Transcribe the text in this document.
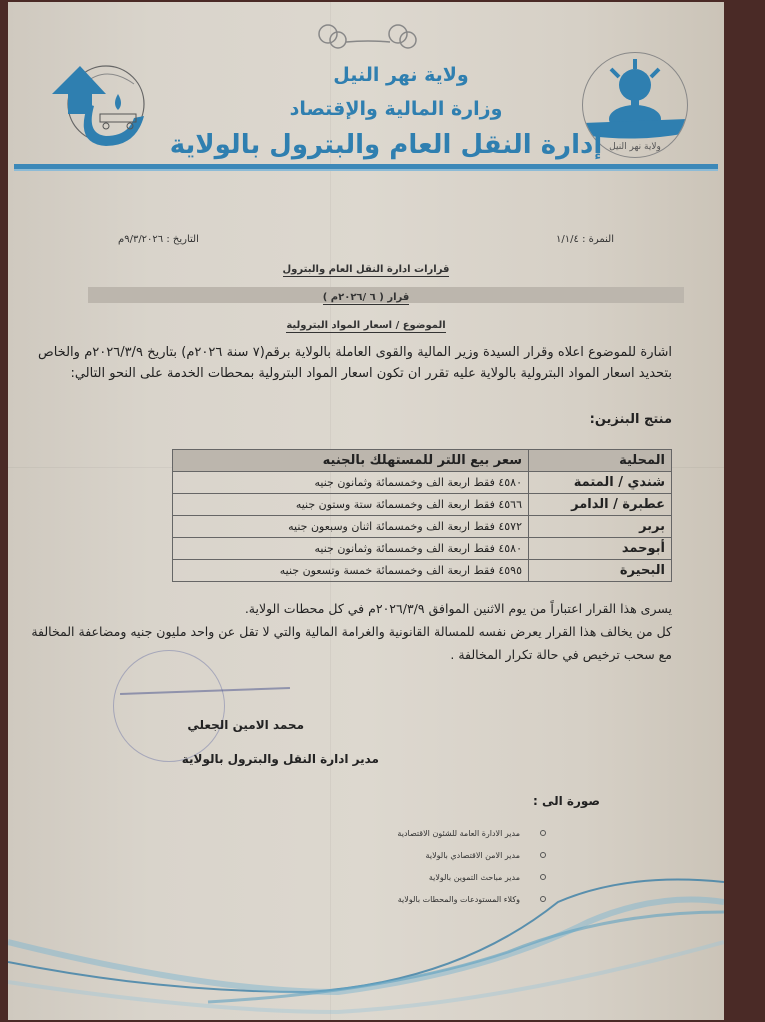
ولاية نهر النيل
ولاية نهر النيل
وزارة المالية والإقتصاد
إدارة النقل العام والبترول بالولاية
النمرة : ١/١/٤
التاريخ : ٩/٣/٢٠٢٦م
قرارات ادارة النقل العام والبترول
قرار ( ٦ /٢٠٢٦م )
الموضوع / اسعار المواد البترولية
اشارة للموضوع اعلاه وقرار السيدة وزير المالية والقوى العاملة بالولاية برقم(٧ سنة ٢٠٢٦م) بتاريخ ٢٠٢٦/٣/٩م والخاص بتحديد اسعار المواد البترولية بالولاية عليه تقرر ان تكون اسعار المواد البترولية بمحطات الخدمة على النحو التالي:
منتج البنزين:
المحلية	سعر بيع اللتر للمستهلك بالجنيه
شندي / المتمة	٤٥٨٠ فقط اربعة الف وخمسمائة وثمانون جنيه
عطبرة / الدامر	٤٥٦٦ فقط اربعة الف وخمسمائة ستة وستون جنيه
بربر	٤٥٧٢ فقط اربعة الف وخمسمائة اثنان وسبعون جنيه
أبوحمد	٤٥٨٠ فقط اربعة الف وخمسمائة وثمانون جنيه
البحيرة	٤٥٩٥ فقط اربعة الف وخمسمائة خمسة وتسعون جنيه
يسرى هذا القرار اعتباراً من يوم الاثنين الموافق ٢٠٢٦/٣/٩م في كل محطات الولاية.
كل من يخالف هذا القرار يعرض نفسه للمسالة القانونية والغرامة المالية والتي لا تقل عن واحد مليون جنيه ومضاعفة المخالفة مع سحب ترخيص في حالة تكرار المخالفة .
محمد الامين الجعلي
مدير ادارة النقل والبترول بالولاية
صورة الى :
مدير الادارة العامة للشئون الاقتصادية
مدير الامن الاقتصادي بالولاية
مدير مباحث التموين بالولاية
وكلاء المستودعات والمحطات بالولاية
